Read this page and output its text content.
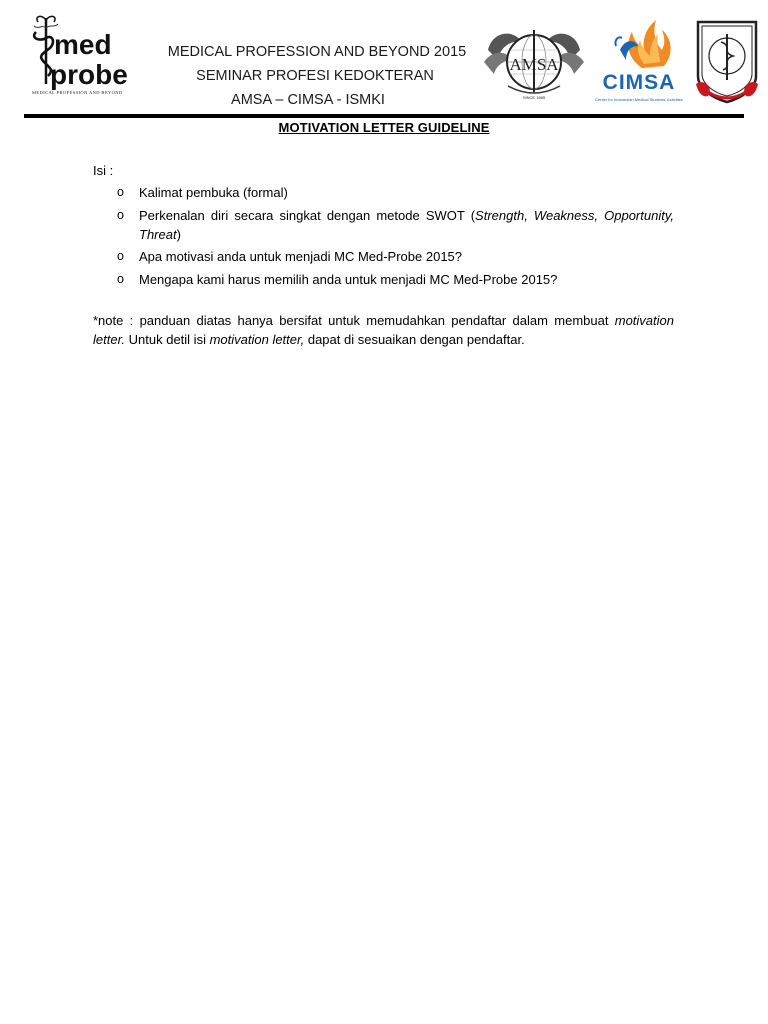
med
probe
MEDICAL PROFESSION AND BEYOND
MEDICAL PROFESSION AND BEYOND 2015
SEMINAR PROFESI KEDOKTERAN
AMSA – CIMSA - ISMKI
AMSA
SINCE 1985
CIMSA
Center for Indonesian Medical Students' Activities
MOTIVATION LETTER GUIDELINE
Isi :
o Kalimat pembuka (formal)
o Perkenalan diri secara singkat dengan metode SWOT (Strength, Weakness, Opportunity, Threat)
o Apa motivasi anda untuk menjadi MC Med-Probe 2015?
o Mengapa kami harus memilih anda untuk menjadi MC Med-Probe 2015?
*note : panduan diatas hanya bersifat untuk memudahkan pendaftar dalam membuat motivation letter. Untuk detil isi motivation letter, dapat di sesuaikan dengan pendaftar.
